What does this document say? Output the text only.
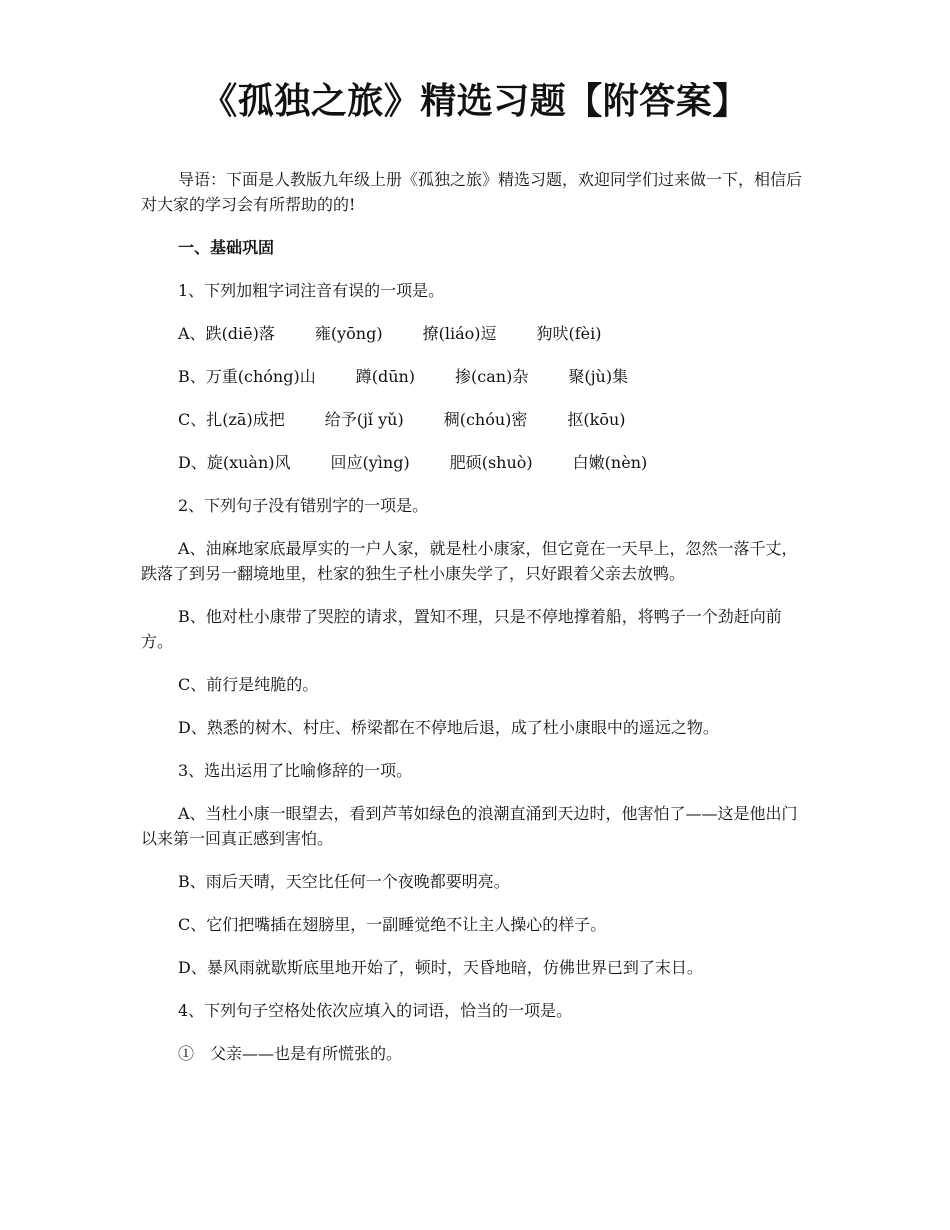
《孤独之旅》精选习题【附答案】

导语：下面是人教版九年级上册《孤独之旅》精选习题，欢迎同学们过来做一下，相信后对大家的学习会有所帮助的的!

一、基础巩固

1、下列加粗字词注音有误的一项是。

A、 跌(diē)落	雍(yōng)	撩(liáo)逗	狗吠(fèi)
B、 万重(chóng)山	蹲(dūn)	掺(can)杂	聚(jù)集
C、 扎(zā)成把	给予(jǐ yǔ)	稠(chóu)密	抠(kōu)
D、 旋(xuàn)风	回应(yìng)	肥硕(shuò)	白嫩(nèn)

2、下列句子没有错别字的一项是。

A、油麻地家底最厚实的一户人家，就是杜小康家，但它竟在一天早上，忽然一落千丈，跌落了到另一翻境地里，杜家的独生子杜小康失学了，只好跟着父亲去放鸭。

B、他对杜小康带了哭腔的请求，置知不理，只是不停地撑着船，将鸭子一个劲赶向前方。

C、前行是纯脆的。

D、熟悉的树木、村庄、桥梁都在不停地后退，成了杜小康眼中的遥远之物。

3、选出运用了比喻修辞的一项。

A、当杜小康一眼望去，看到芦苇如绿色的浪潮直涌到天边时，他害怕了——这是他出门以来第一回真正感到害怕。

B、雨后天晴，天空比任何一个夜晚都要明亮。

C、它们把嘴插在翅膀里，一副睡觉绝不让主人操心的样子。

D、暴风雨就歇斯底里地开始了，顿时，天昏地暗，仿佛世界已到了末日。

4、下列句子空格处依次应填入的词语，恰当的一项是。

①　父亲——也是有所慌张的。
